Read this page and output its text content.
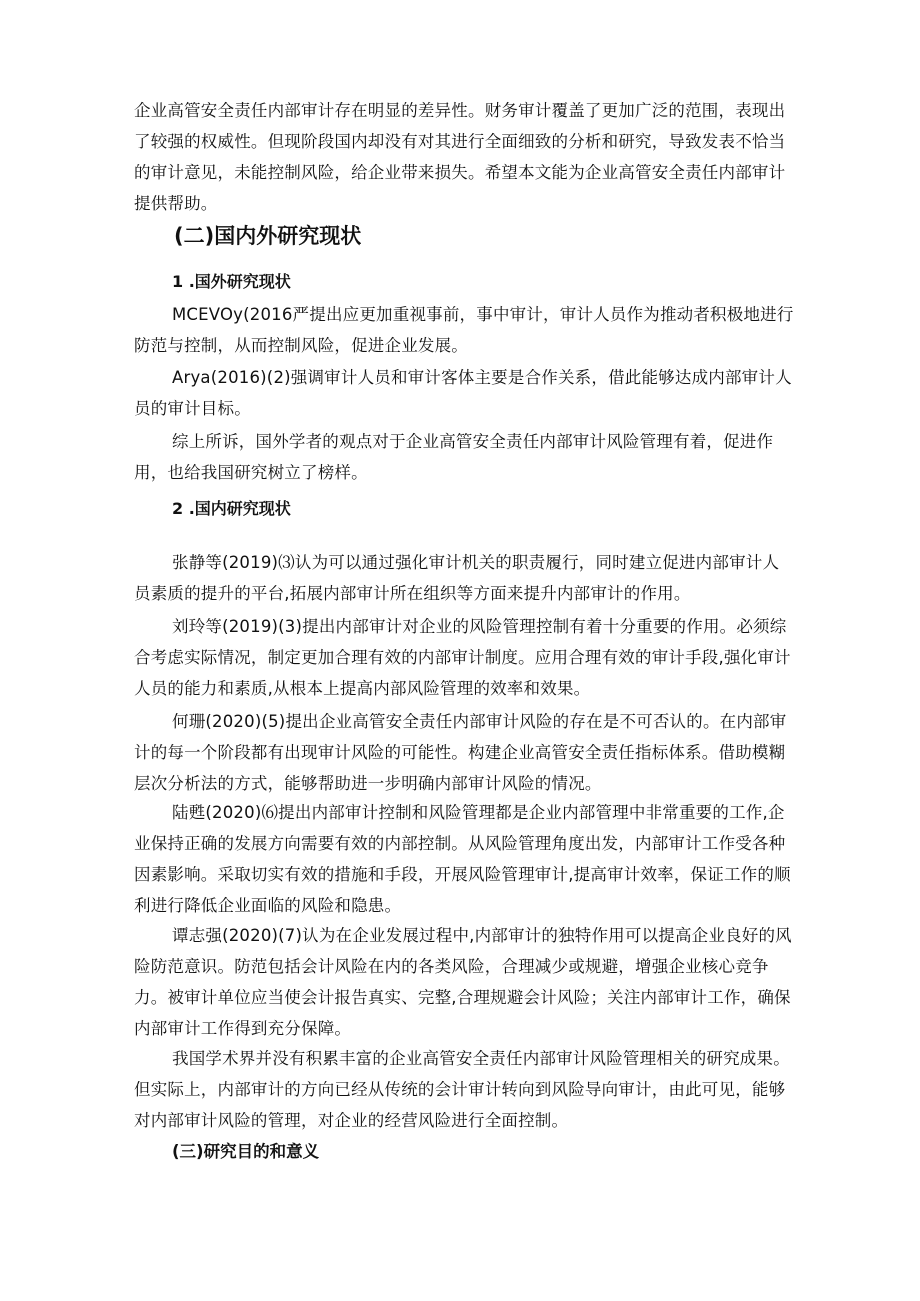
企业高管安全责任内部审计存在明显的差异性。财务审计覆盖了更加广泛的范围，表现出了较强的权威性。但现阶段国内却没有对其进行全面细致的分析和研究，导致发表不恰当的审计意见，未能控制风险，给企业带来损失。希望本文能为企业高管安全责任内部审计提供帮助。

(二)国内外研究现状
1 .国外研究现状

MCEVOy(2016严提出应更加重视事前，事中审计，审计人员作为推动者积极地进行防范与控制，从而控制风险，促进企业发展。

Arya(2016)(2)强调审计人员和审计客体主要是合作关系，借此能够达成内部审计人员的审计目标。

综上所诉，国外学者的观点对于企业高管安全责任内部审计风险管理有着，促进作用，也给我国研究树立了榜样。

2 .国内研究现状

张静等(2019)⑶认为可以通过强化审计机关的职责履行，同时建立促进内部审计人员素质的提升的平台,拓展内部审计所在组织等方面来提升内部审计的作用。

刘玲等(2019)(3)提出内部审计对企业的风险管理控制有着十分重要的作用。必须综合考虑实际情况，制定更加合理有效的内部审计制度。应用合理有效的审计手段,强化审计人员的能力和素质,从根本上提高内部风险管理的效率和效果。

何珊(2020)(5)提出企业高管安全责任内部审计风险的存在是不可否认的。在内部审计的每一个阶段都有出现审计风险的可能性。构建企业高管安全责任指标体系。借助模糊层次分析法的方式，能够帮助进一步明确内部审计风险的情况。

陆甦(2020)⑹提出内部审计控制和风险管理都是企业内部管理中非常重要的工作,企业保持正确的发展方向需要有效的内部控制。从风险管理角度出发，内部审计工作受各种因素影响。采取切实有效的措施和手段，开展风险管理审计,提高审计效率，保证工作的顺利进行降低企业面临的风险和隐患。

谭志强(2020)(7)认为在企业发展过程中,内部审计的独特作用可以提高企业良好的风险防范意识。防范包括会计风险在内的各类风险，合理减少或规避，增强企业核心竞争力。被审计单位应当使会计报告真实、完整,合理规避会计风险；关注内部审计工作，确保内部审计工作得到充分保障。

我国学术界并没有积累丰富的企业高管安全责任内部审计风险管理相关的研究成果。但实际上，内部审计的方向已经从传统的会计审计转向到风险导向审计，由此可见，能够对内部审计风险的管理，对企业的经营风险进行全面控制。

(三)研究目的和意义
